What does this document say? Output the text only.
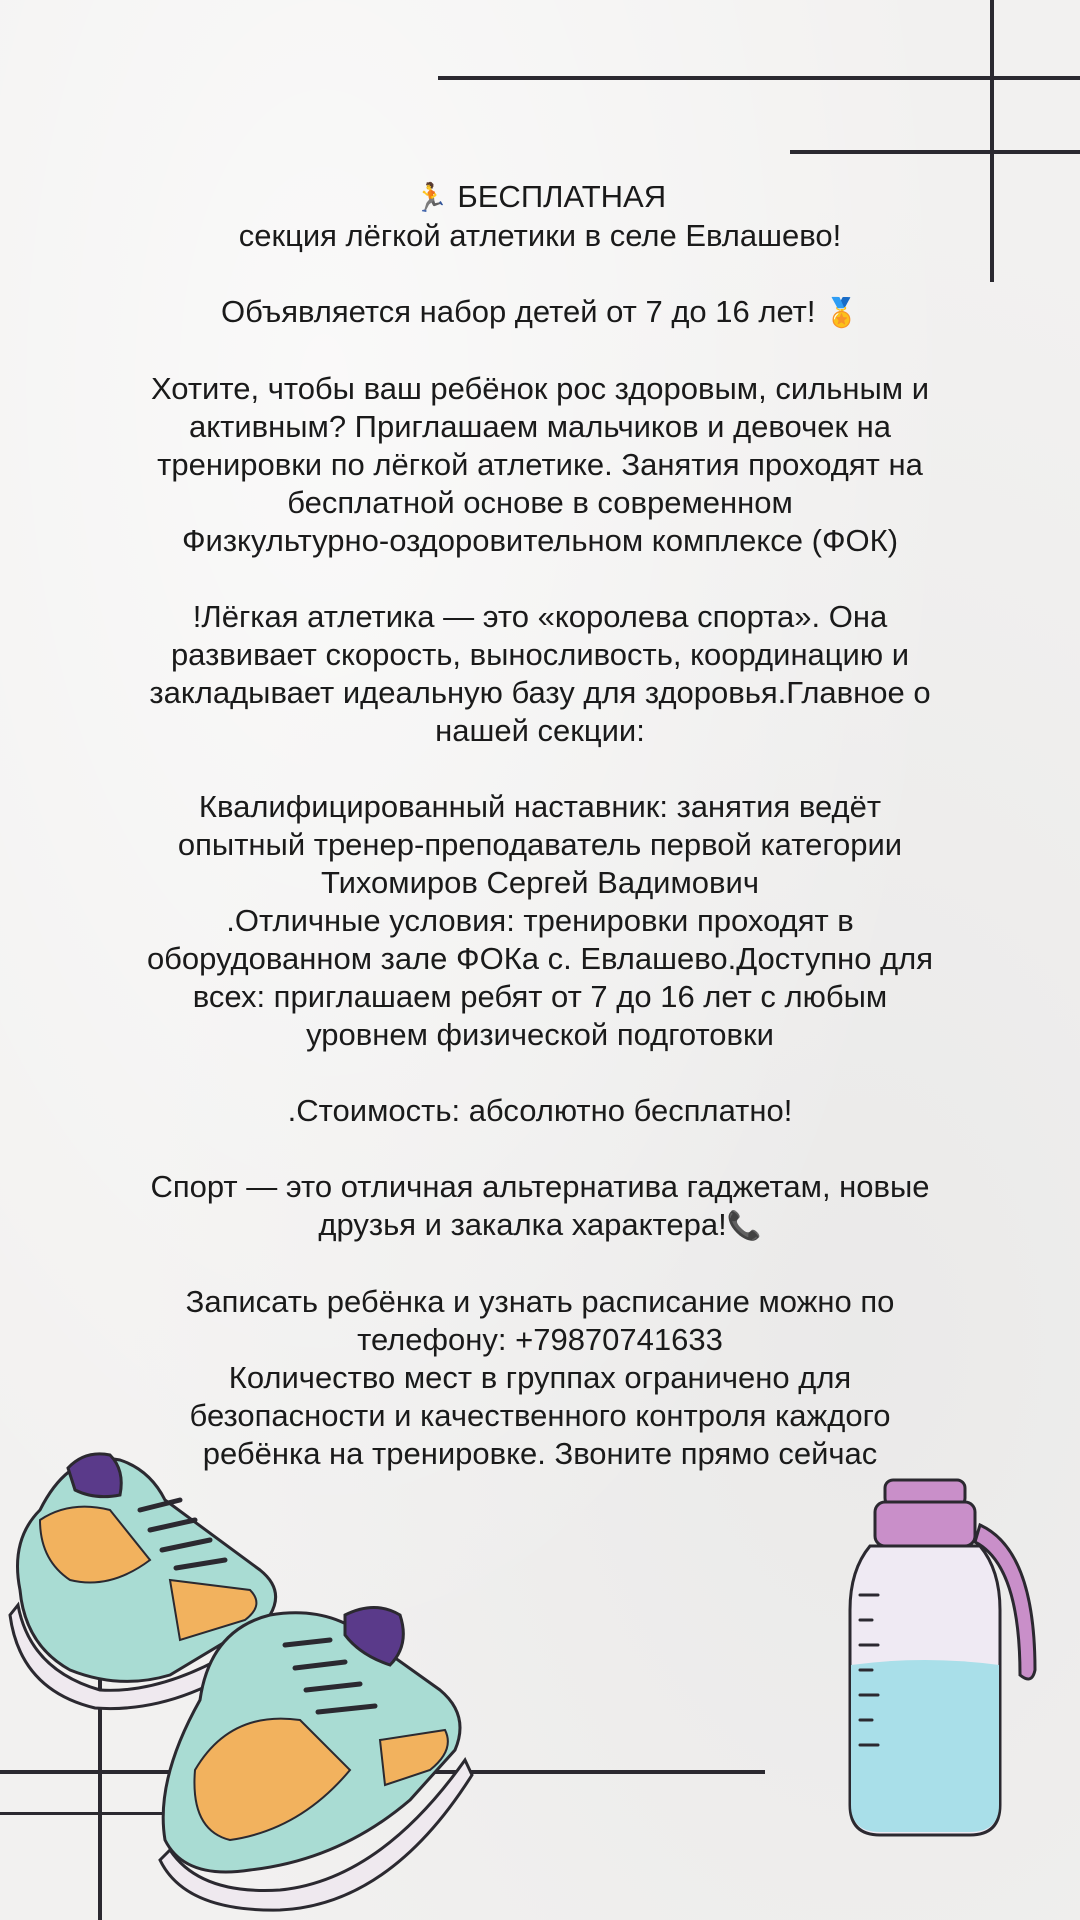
🏃 БЕСПЛАТНАЯ

секция лёгкой атлетики в селе Евлашево!

Объявляется набор детей от 7 до 16 лет! 🏅

Хотите, чтобы ваш ребёнок рос здоровым, сильным и

активным? Приглашаем мальчиков и девочек на

тренировки по лёгкой атлетике. Занятия проходят на

бесплатной основе в современном

Физкультурно-оздоровительном комплексе (ФОК)

!Лёгкая атлетика — это «королева спорта». Она

развивает скорость, выносливость, координацию и

закладывает идеальную базу для здоровья.Главное о

нашей секции:

Квалифицированный наставник: занятия ведёт

опытный тренер-преподаватель первой категории

Тихомиров Сергей Вадимович

.Отличные условия: тренировки проходят в

оборудованном зале ФОКа с. Евлашево.Доступно для

всех: приглашаем ребят от 7 до 16 лет с любым

уровнем физической подготовки

.Стоимость: абсолютно бесплатно!

Спорт — это отличная альтернатива гаджетам, новые

друзья и закалка характера!📞

Записать ребёнка и узнать расписание можно по

телефону: +79870741633

Количество мест в группах ограничено для

безопасности и качественного контроля каждого

ребёнка на тренировке. Звоните прямо сейчас
